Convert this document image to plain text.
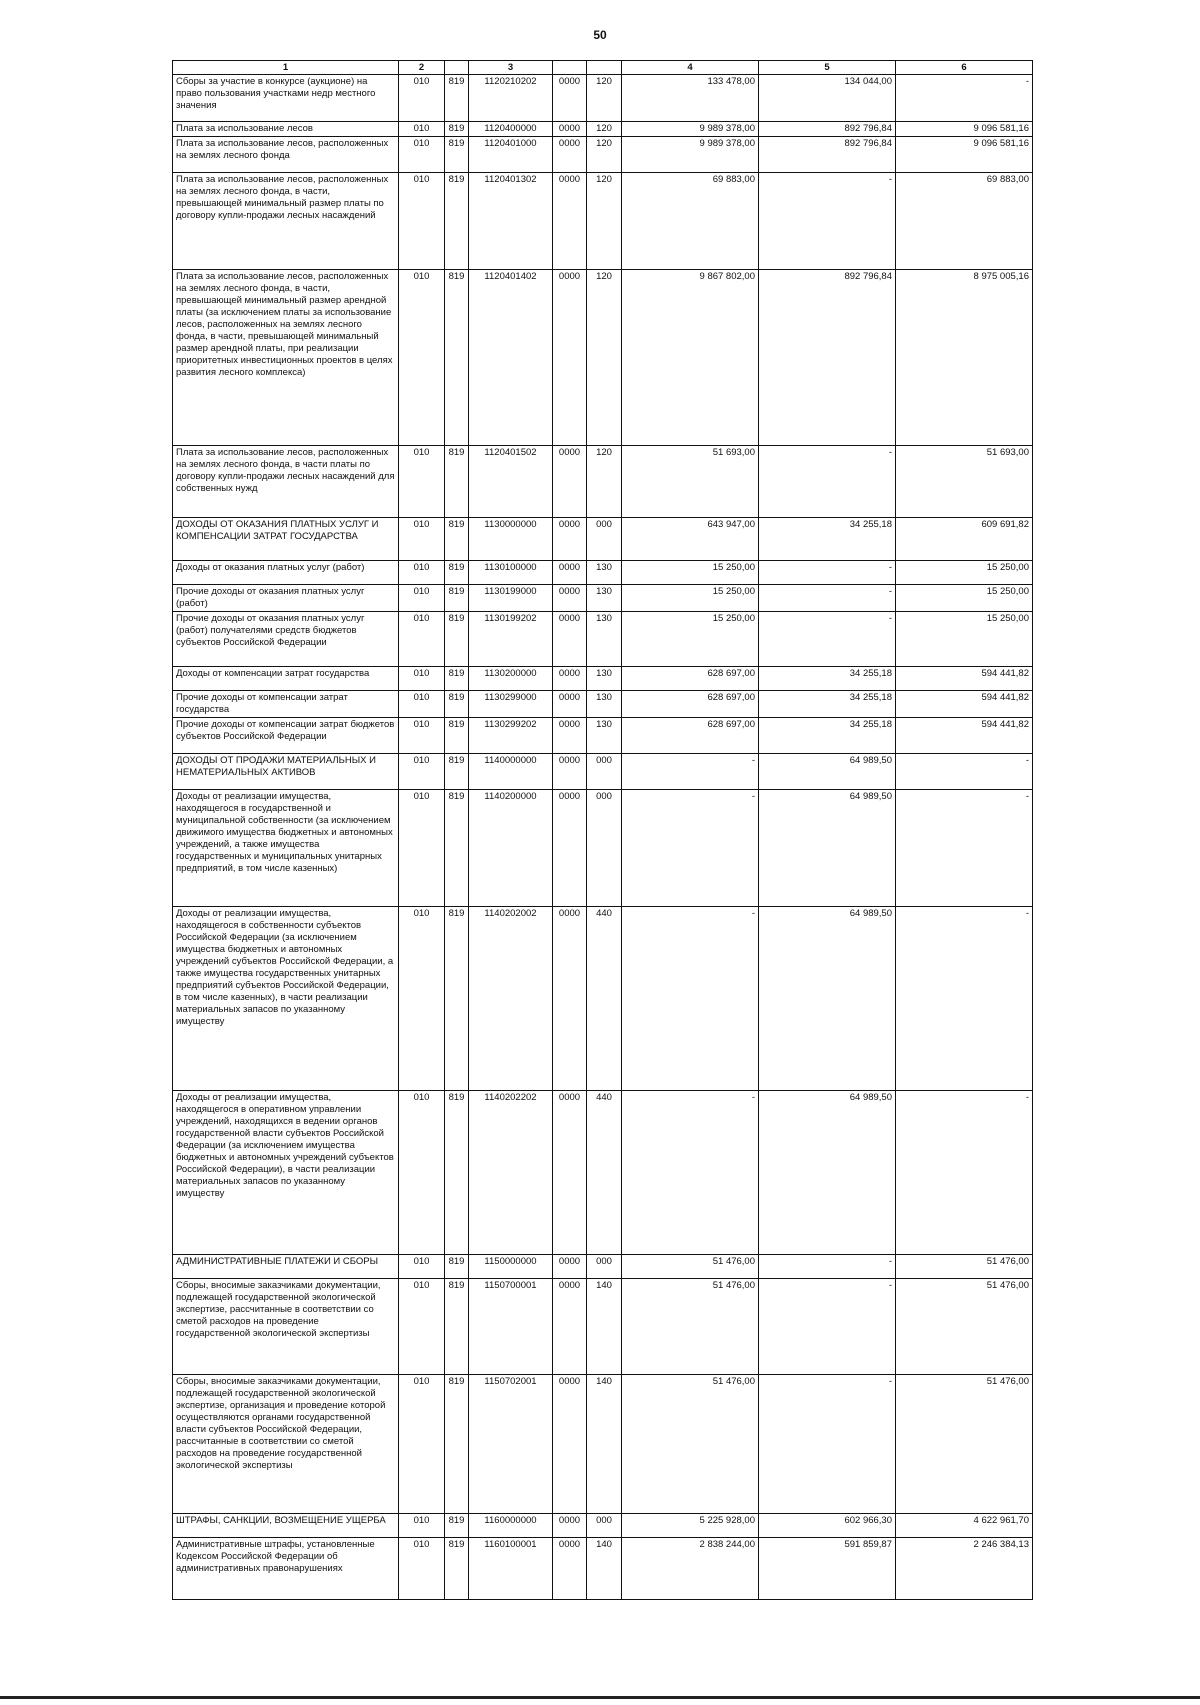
50
1	2		3			4	5	6
Сборы за участие в конкурсе (аукционе) на право пользования участками недр местного значения	010	819	1120210202	0000	120	133 478,00	134 044,00	-
Плата за использование лесов	010	819	1120400000	0000	120	9 989 378,00	892 796,84	9 096 581,16
Плата за использование лесов, расположенных на землях лесного фонда	010	819	1120401000	0000	120	9 989 378,00	892 796,84	9 096 581,16
Плата за использование лесов, расположенных на землях лесного фонда, в части, превышающей минимальный размер платы по договору купли-продажи лесных насаждений	010	819	1120401302	0000	120	69 883,00	-	69 883,00
Плата за использование лесов, расположенных на землях лесного фонда, в части, превышающей минимальный размер арендной платы (за исключением платы за использование лесов, расположенных на землях лесного фонда, в части, превышающей минимальный размер арендной платы, при реализации приоритетных инвестиционных проектов в целях развития лесного комплекса)	010	819	1120401402	0000	120	9 867 802,00	892 796,84	8 975 005,16
Плата за использование лесов, расположенных на землях лесного фонда, в части платы по договору купли-продажи лесных насаждений для собственных нужд	010	819	1120401502	0000	120	51 693,00	-	51 693,00
ДОХОДЫ ОТ ОКАЗАНИЯ ПЛАТНЫХ УСЛУГ И КОМПЕНСАЦИИ ЗАТРАТ ГОСУДАРСТВА	010	819	1130000000	0000	000	643 947,00	34 255,18	609 691,82
Доходы от оказания платных услуг (работ)	010	819	1130100000	0000	130	15 250,00	-	15 250,00
Прочие доходы от оказания платных услуг (работ)	010	819	1130199000	0000	130	15 250,00	-	15 250,00
Прочие доходы от оказания платных услуг (работ) получателями средств бюджетов субъектов Российской Федерации	010	819	1130199202	0000	130	15 250,00	-	15 250,00
Доходы от компенсации затрат государства	010	819	1130200000	0000	130	628 697,00	34 255,18	594 441,82
Прочие доходы от компенсации затрат государства	010	819	1130299000	0000	130	628 697,00	34 255,18	594 441,82
Прочие доходы от компенсации затрат бюджетов субъектов Российской Федерации	010	819	1130299202	0000	130	628 697,00	34 255,18	594 441,82
ДОХОДЫ ОТ ПРОДАЖИ МАТЕРИАЛЬНЫХ И НЕМАТЕРИАЛЬНЫХ АКТИВОВ	010	819	1140000000	0000	000	-	64 989,50	-
Доходы от реализации имущества, находящегося в государственной и муниципальной собственности (за исключением движимого имущества бюджетных и автономных учреждений, а также имущества государственных и муниципальных унитарных предприятий, в том числе казенных)	010	819	1140200000	0000	000	-	64 989,50	-
Доходы от реализации имущества, находящегося в собственности субъектов Российской Федерации (за исключением имущества бюджетных и автономных учреждений субъектов Российской Федерации, а также имущества государственных унитарных предприятий субъектов Российской Федерации, в том числе казенных), в части реализации материальных запасов по указанному имуществу	010	819	1140202002	0000	440	-	64 989,50	-
Доходы от реализации имущества, находящегося в оперативном управлении учреждений, находящихся в ведении органов государственной власти субъектов Российской Федерации (за исключением имущества бюджетных и автономных учреждений субъектов Российской Федерации), в части реализации материальных запасов по указанному имуществу	010	819	1140202202	0000	440	-	64 989,50	-
АДМИНИСТРАТИВНЫЕ ПЛАТЕЖИ И СБОРЫ	010	819	1150000000	0000	000	51 476,00	-	51 476,00
Сборы, вносимые заказчиками документации, подлежащей государственной экологической экспертизе, рассчитанные в соответствии со сметой расходов на проведение государственной экологической экспертизы	010	819	1150700001	0000	140	51 476,00	-	51 476,00
Сборы, вносимые заказчиками документации, подлежащей государственной экологической экспертизе, организация и проведение которой осуществляются органами государственной власти субъектов Российской Федерации, рассчитанные в соответствии со сметой расходов на проведение государственной экологической экспертизы	010	819	1150702001	0000	140	51 476,00	-	51 476,00
ШТРАФЫ, САНКЦИИ, ВОЗМЕЩЕНИЕ УЩЕРБА	010	819	1160000000	0000	000	5 225 928,00	602 966,30	4 622 961,70
Административные штрафы, установленные Кодексом Российской Федерации об административных правонарушениях	010	819	1160100001	0000	140	2 838 244,00	591 859,87	2 246 384,13
